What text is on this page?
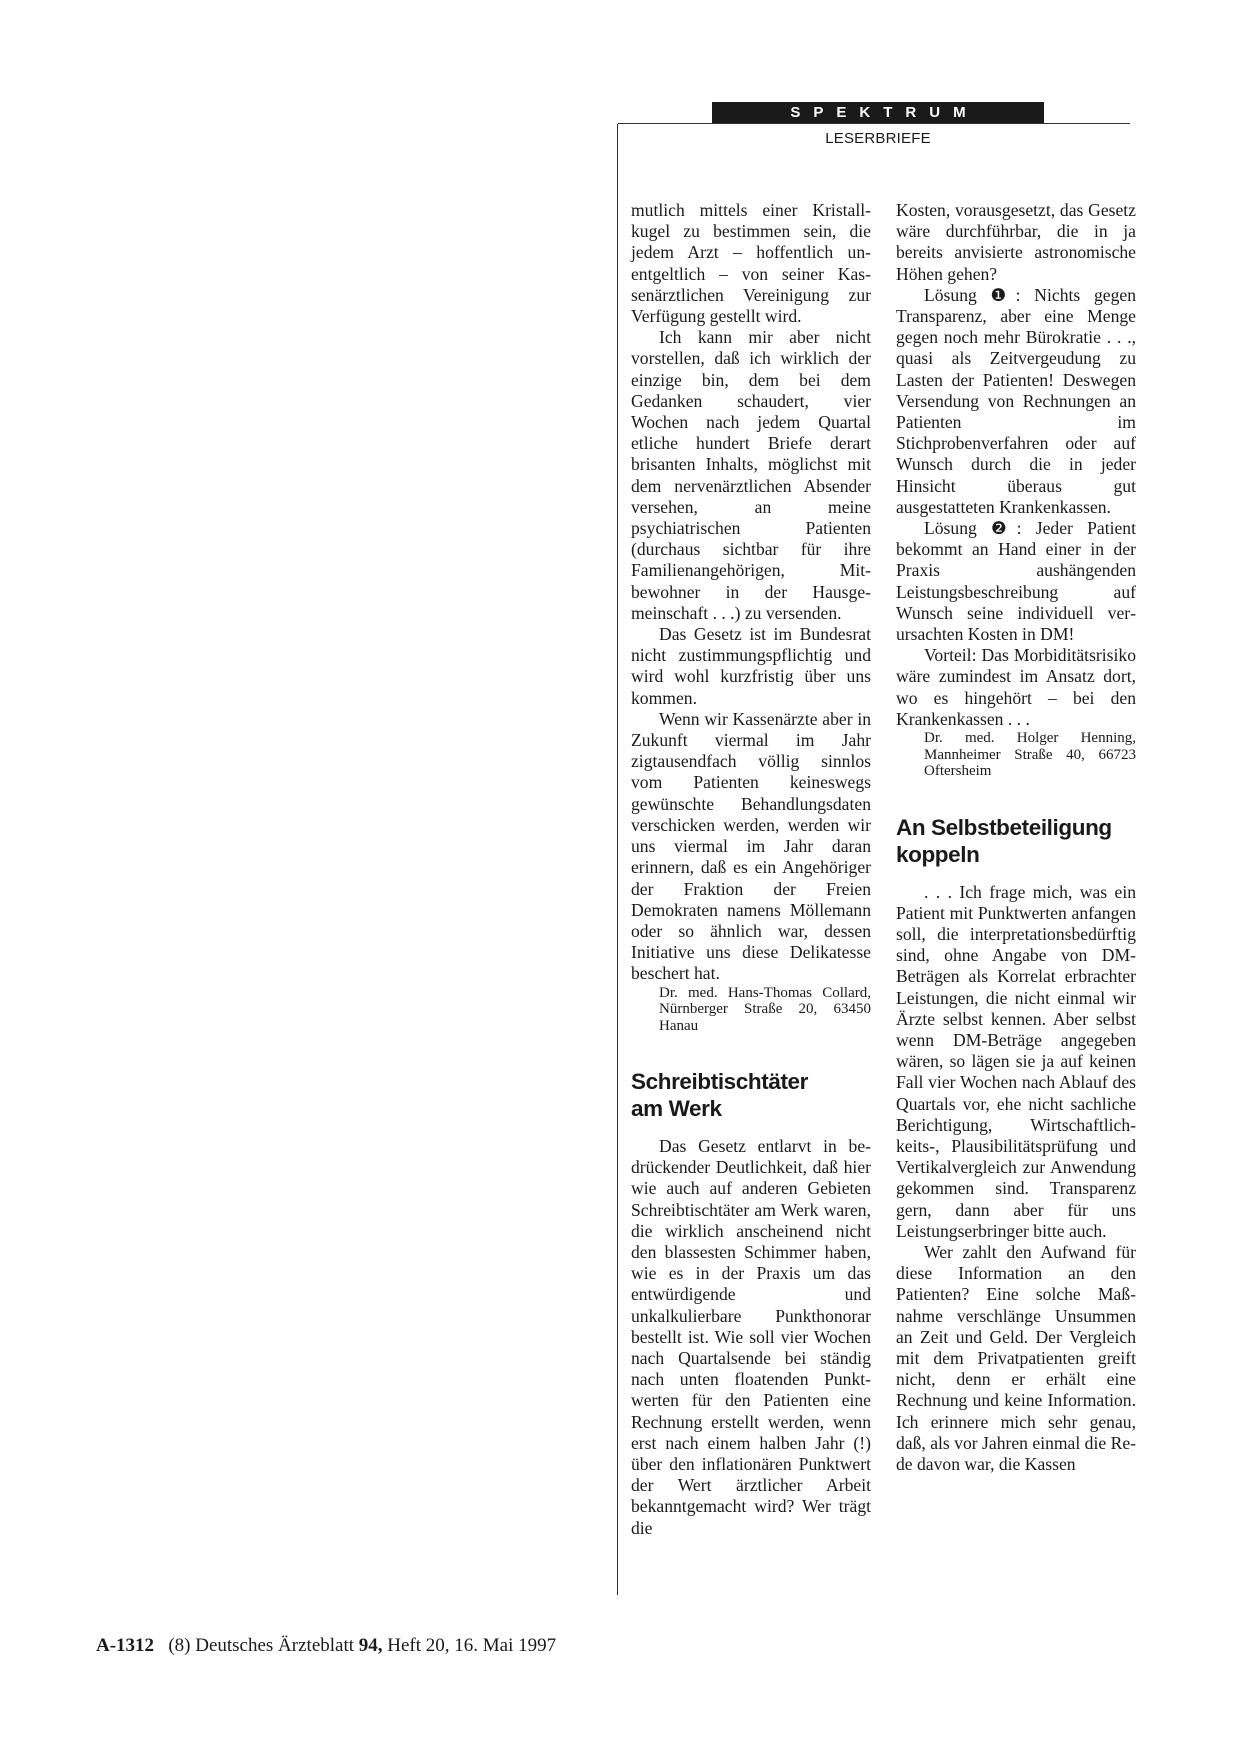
SPEKTRUM
LESERBRIEFE

mutlich mittels einer Kristallkugel zu bestimmen sein, die jedem Arzt – hoffentlich unentgeltlich – von seiner Kassenärztlichen Vereinigung zur Verfügung gestellt wird.

Ich kann mir aber nicht vorstellen, daß ich wirklich der einzige bin, dem bei dem Gedanken schaudert, vier Wochen nach jedem Quartal etliche hundert Briefe derart brisanten Inhalts, möglichst mit dem nervenärztlichen Absender versehen, an meine psychiatrischen Patienten (durchaus sichtbar für ihre Familienangehörigen, Mitbewohner in der Hausgemeinschaft . . .) zu versenden.

Das Gesetz ist im Bundesrat nicht zustimmungspflichtig und wird wohl kurzfristig über uns kommen.

Wenn wir Kassenärzte aber in Zukunft viermal im Jahr zigtausendfach völlig sinnlos vom Patienten keineswegs gewünschte Behandlungsdaten verschicken werden, werden wir uns viermal im Jahr daran erinnern, daß es ein Angehöriger der Fraktion der Freien Demokraten namens Möllemann oder so ähnlich war, dessen Initiative uns diese Delikatesse beschert hat.

Dr. med. Hans-Thomas Collard, Nürnberger Straße 20, 63450 Hanau

Schreibtischtäter
am Werk

Das Gesetz entlarvt in bedrückender Deutlichkeit, daß hier wie auch auf anderen Gebieten Schreibtischtäter am Werk waren, die wirklich anscheinend nicht den blassesten Schimmer haben, wie es in der Praxis um das entwürdigende und unkalkulierbare Punkthonorar bestellt ist. Wie soll vier Wochen nach Quartalsende bei ständig nach unten floatenden Punktwerten für den Patienten eine Rechnung erstellt werden, wenn erst nach einem halben Jahr (!) über den inflationären Punktwert der Wert ärztlicher Arbeit bekanntgemacht wird? Wer trägt die

Kosten, vorausgesetzt, das Gesetz wäre durchführbar, die in ja bereits anvisierte astronomische Höhen gehen?

Lösung ❶: Nichts gegen Transparenz, aber eine Menge gegen noch mehr Bürokratie . . ., quasi als Zeitvergeudung zu Lasten der Patienten! Deswegen Versendung von Rechnungen an Patienten im Stichprobenverfahren oder auf Wunsch durch die in jeder Hinsicht überaus gut ausgestatteten Krankenkassen.

Lösung ❷: Jeder Patient bekommt an Hand einer in der Praxis aushängenden Leistungsbeschreibung auf Wunsch seine individuell verursachten Kosten in DM!

Vorteil: Das Morbiditätsrisiko wäre zumindest im Ansatz dort, wo es hingehört – bei den Krankenkassen . . .

Dr. med. Holger Henning, Mannheimer Straße 40, 66723 Oftersheim

An Selbstbeteiligung
koppeln

. . . Ich frage mich, was ein Patient mit Punktwerten anfangen soll, die interpretationsbedürftig sind, ohne Angabe von DM-Beträgen als Korrelat erbrachter Leistungen, die nicht einmal wir Ärzte selbst kennen. Aber selbst wenn DM-Beträge angegeben wären, so lägen sie ja auf keinen Fall vier Wochen nach Ablauf des Quartals vor, ehe nicht sachliche Berichtigung, Wirtschaftlichkeits-, Plausibilitätsprüfung und Vertikalvergleich zur Anwendung gekommen sind. Transparenz gern, dann aber für uns Leistungserbringer bitte auch.

Wer zahlt den Aufwand für diese Information an den Patienten? Eine solche Maßnahme verschlänge Unsummen an Zeit und Geld. Der Vergleich mit dem Privatpatienten greift nicht, denn er erhält eine Rechnung und keine Information. Ich erinnere mich sehr genau, daß, als vor Jahren einmal die Rede davon war, die Kassen

A-1312 (8) Deutsches Ärzteblatt 94, Heft 20, 16. Mai 1997
